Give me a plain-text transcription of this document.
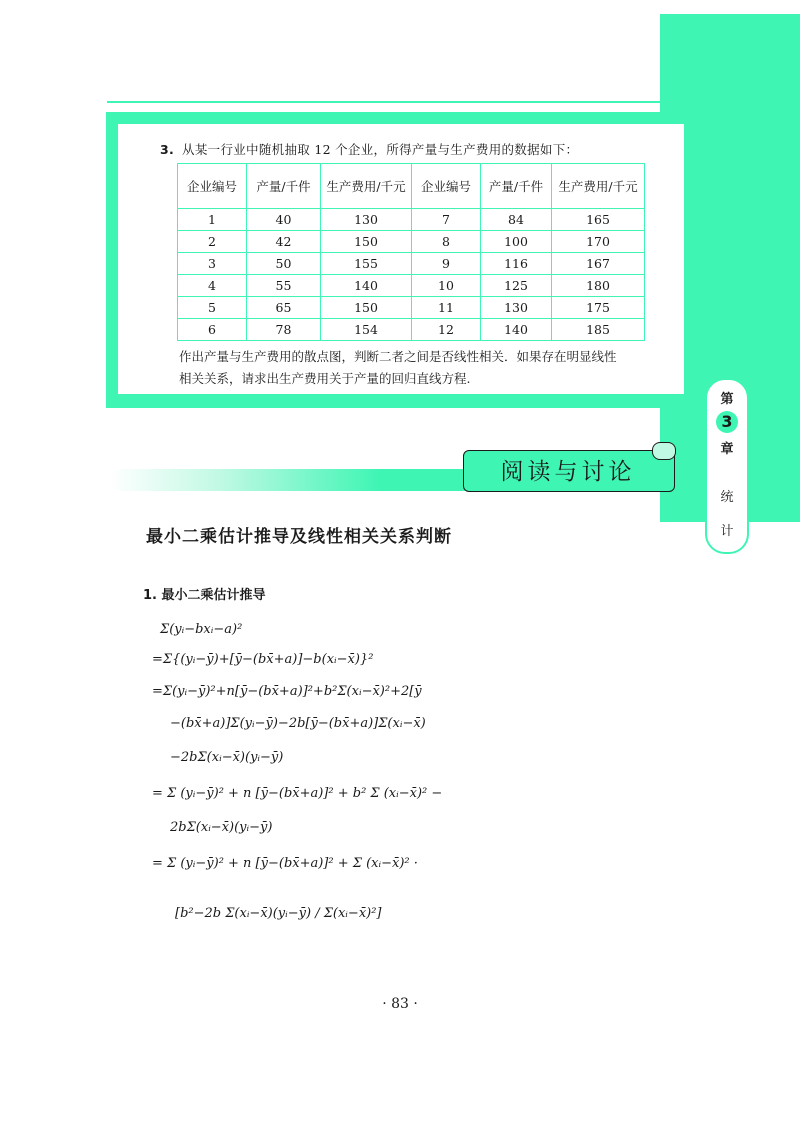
3. 从某一行业中随机抽取 12 个企业，所得产量与生产费用的数据如下：
企业编号	产量/千件	生产费用/千元	企业编号	产量/千件	生产费用/千元
1	40	130	7	84	165
2	42	150	8	100	170
3	50	155	9	116	167
4	55	140	10	125	180
5	65	150	11	130	175
6	78	154	12	140	185
作出产量与生产费用的散点图，判断二者之间是否线性相关．如果存在明显线性
相关关系，请求出生产费用关于产量的回归直线方程.
第
3
章
统
计
阅读与讨论
最小二乘估计推导及线性相关关系判断
1. 最小二乘估计推导
Σ(yᵢ−bxᵢ−a)²
=Σ{(yᵢ−ȳ)+[ȳ−(bx̄+a)]−b(xᵢ−x̄)}²
=Σ(yᵢ−ȳ)²+n[ȳ−(bx̄+a)]²+b²Σ(xᵢ−x̄)²+2[ȳ
−(bx̄+a)]Σ(yᵢ−ȳ)−2b[ȳ−(bx̄+a)]Σ(xᵢ−x̄)
−2bΣ(xᵢ−x̄)(yᵢ−ȳ)
= Σ (yᵢ−ȳ)² + n [ȳ−(bx̄+a)]² + b² Σ (xᵢ−x̄)² −
2bΣ(xᵢ−x̄)(yᵢ−ȳ)
= Σ (yᵢ−ȳ)² + n [ȳ−(bx̄+a)]² + Σ (xᵢ−x̄)² ·
[b²−2b Σ(xᵢ−x̄)(yᵢ−ȳ) / Σ(xᵢ−x̄)²]
· 83 ·
